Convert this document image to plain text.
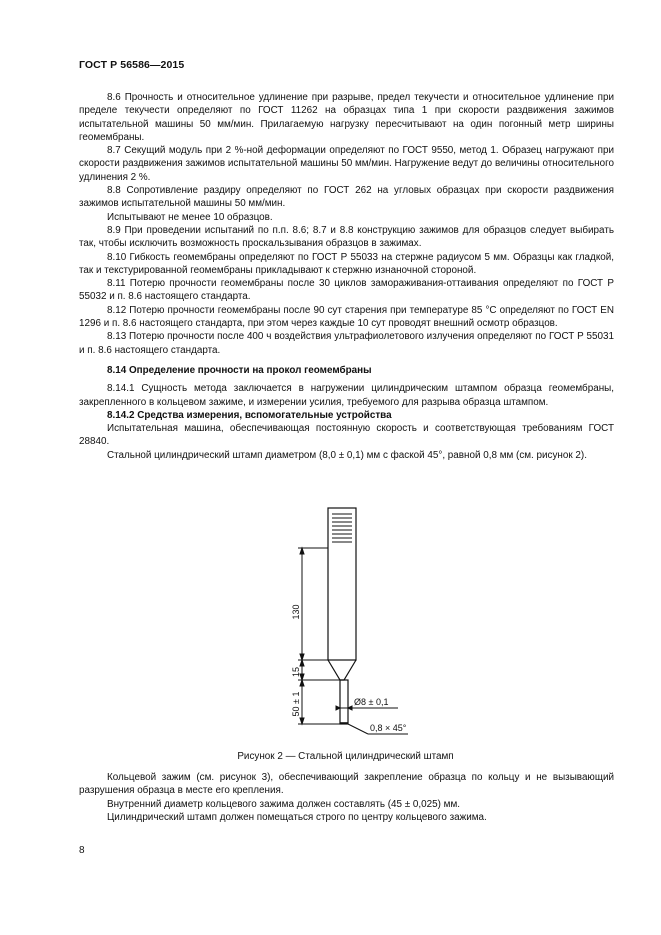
ГОСТ Р 56586—2015

8.6 Прочность и относительное удлинение при разрыве, предел текучести и относительное удлинение при пределе текучести определяют по ГОСТ 11262 на образцах типа 1 при скорости раздвижения зажимов испытательной машины 50 мм/мин. Прилагаемую нагрузку пересчитывают на один погонный метр ширины геомембраны.

8.7 Секущий модуль при 2 %-ной деформации определяют по ГОСТ 9550, метод 1. Образец нагружают при скорости раздвижения зажимов испытательной машины 50 мм/мин. Нагружение ведут до величины относительного удлинения 2 %.

8.8 Сопротивление раздиру определяют по ГОСТ 262 на угловых образцах при скорости раздвижения зажимов испытательной машины 50 мм/мин.

Испытывают не менее 10 образцов.

8.9 При проведении испытаний по п.п. 8.6; 8.7 и 8.8 конструкцию зажимов для образцов следует выбирать так, чтобы исключить возможность проскальзывания образцов в зажимах.

8.10 Гибкость геомембраны определяют по ГОСТ Р 55033 на стержне радиусом 5 мм. Образцы как гладкой, так и текстурированной геомембраны прикладывают к стержню изнаночной стороной.

8.11 Потерю прочности геомембраны после 30 циклов замораживания-оттаивания определяют по ГОСТ Р 55032 и п. 8.6 настоящего стандарта.

8.12 Потерю прочности геомембраны после 90 сут старения при температуре 85 °С определяют по ГОСТ EN 1296 и п. 8.6 настоящего стандарта, при этом через каждые 10 сут проводят внешний осмотр образцов.

8.13 Потерю прочности после 400 ч воздействия ультрафиолетового излучения определяют по ГОСТ Р 55031 и п. 8.6 настоящего стандарта.

8.14 Определение прочности на прокол геомембраны

8.14.1 Сущность метода заключается в нагружении цилиндрическим штампом образца геомембраны, закрепленного в кольцевом зажиме, и измерении усилия, требуемого для разрыва образца штампом.

8.14.2 Средства измерения, вспомогательные устройства

Испытательная машина, обеспечивающая постоянную скорость и соответствующая требованиям ГОСТ 28840.

Стальной цилиндрический штамп диаметром (8,0 ± 0,1) мм с фаской 45°, равной 0,8 мм (см. рисунок 2).

130
15
50 ± 1	Ø8 ± 0,1
0,8 × 45°
Рисунок 2 — Стальной цилиндрический штамп

Кольцевой зажим (см. рисунок 3), обеспечивающий закрепление образца по кольцу и не вызывающий разрушения образца в месте его крепления.

Внутренний диаметр кольцевого зажима должен составлять (45 ± 0,025) мм.

Цилиндрический штамп должен помещаться строго по центру кольцевого зажима.

8
